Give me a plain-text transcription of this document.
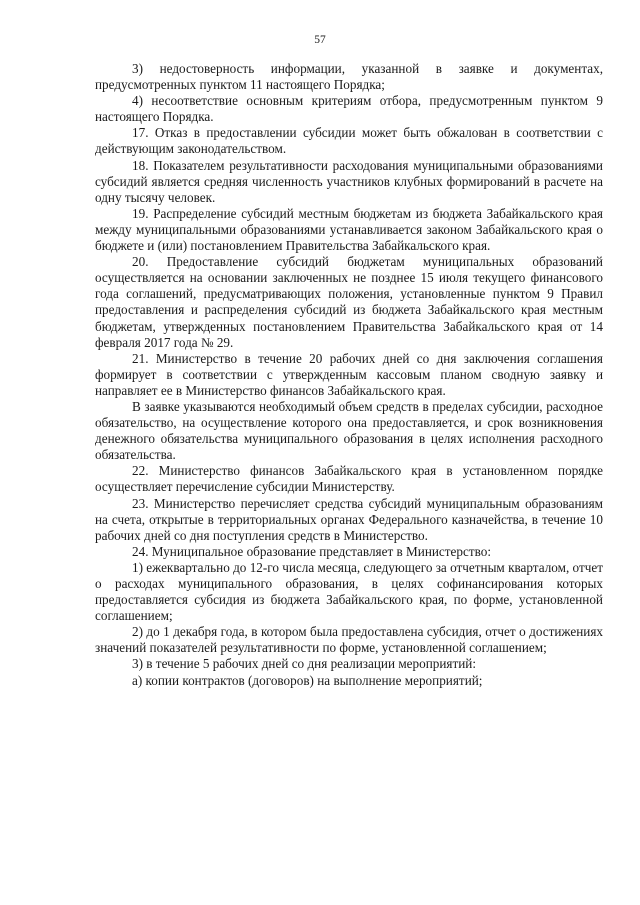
57

3) недостоверность информации, указанной в заявке и документах, предусмотренных пунктом 11 настоящего Порядка;

4) несоответствие основным критериям отбора, предусмотренным пунктом 9 настоящего Порядка.

17. Отказ в предоставлении субсидии может быть обжалован в соответствии с действующим законодательством.

18. Показателем результативности расходования муниципальными образованиями субсидий является средняя численность участников клубных формирований в расчете на одну тысячу человек.

19. Распределение субсидий местным бюджетам из бюджета Забайкальского края между муниципальными образованиями устанавливается законом Забайкальского края о бюджете и (или) постановлением Правительства Забайкальского края.

20. Предоставление субсидий бюджетам муниципальных образований осуществляется на основании заключенных не позднее 15 июля текущего финансового года соглашений, предусматривающих положения, установленные пунктом 9 Правил предоставления и распределения субсидий из бюджета Забайкальского края местным бюджетам, утвержденных постановлением Правительства Забайкальского края от 14 февраля 2017 года № 29.

21. Министерство в течение 20 рабочих дней со дня заключения соглашения формирует в соответствии с утвержденным кассовым планом сводную заявку и направляет ее в Министерство финансов Забайкальского края.

В заявке указываются необходимый объем средств в пределах субсидии, расходное обязательство, на осуществление которого она предоставляется, и срок возникновения денежного обязательства муниципального образования в целях исполнения расходного обязательства.

22. Министерство финансов Забайкальского края в установленном порядке осуществляет перечисление субсидии Министерству.

23. Министерство перечисляет средства субсидий муниципальным образованиям на счета, открытые в территориальных органах Федерального казначейства, в течение 10 рабочих дней со дня поступления средств в Министерство.

24. Муниципальное образование представляет в Министерство:

1) ежеквартально до 12-го числа месяца, следующего за отчетным кварталом, отчет о расходах муниципального образования, в целях софинансирования которых предоставляется субсидия из бюджета Забайкальского края, по форме, установленной соглашением;

2) до 1 декабря года, в котором была предоставлена субсидия, отчет о достижениях значений показателей результативности по форме, установленной соглашением;

3) в течение 5 рабочих дней со дня реализации мероприятий:

а) копии контрактов (договоров) на выполнение мероприятий;
